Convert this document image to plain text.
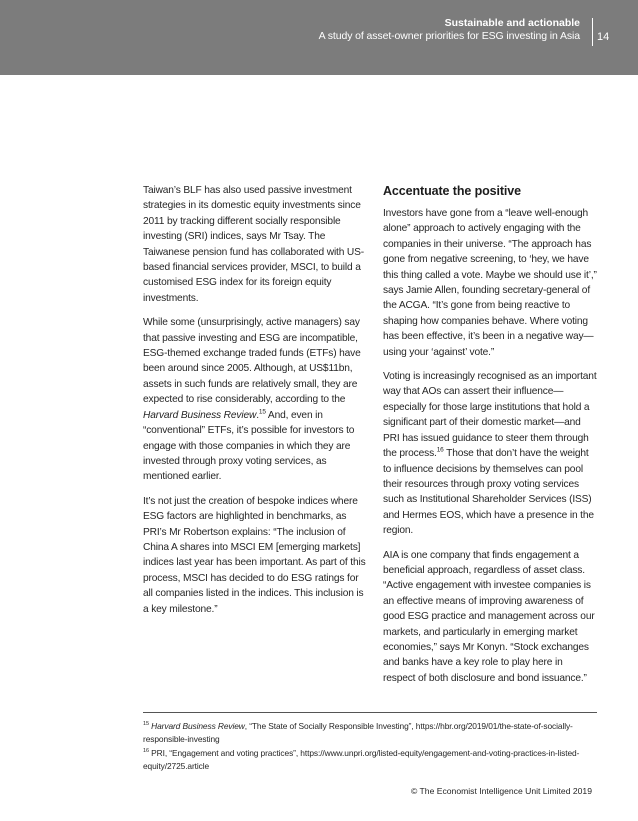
Sustainable and actionable
A study of asset-owner priorities for ESG investing in Asia 14

Taiwan’s BLF has also used passive investment strategies in its domestic equity investments since 2011 by tracking different socially responsible investing (SRI) indices, says Mr Tsay. The Taiwanese pension fund has collaborated with US-based financial services provider, MSCI, to build a customised ESG index for its foreign equity investments.

While some (unsurprisingly, active managers) say that passive investing and ESG are incompatible, ESG-themed exchange traded funds (ETFs) have been around since 2005. Although, at US$11bn, assets in such funds are relatively small, they are expected to rise considerably, according to the Harvard Business Review.$^{15}$ And, even in “conventional” ETFs, it’s possible for investors to engage with those companies in which they are invested through proxy voting services, as mentioned earlier.

It’s not just the creation of bespoke indices where ESG factors are highlighted in benchmarks, as PRI’s Mr Robertson explains: “The inclusion of China A shares into MSCI EM [emerging markets] indices last year has been important. As part of this process, MSCI has decided to do ESG ratings for all companies listed in the indices. This inclusion is a key milestone.”

Accentuate the positive

Investors have gone from a “leave well-enough alone” approach to actively engaging with the companies in their universe. “The approach has gone from negative screening, to ‘hey, we have this thing called a vote. Maybe we should use it’,” says Jamie Allen, founding secretary-general of the ACGA. “It’s gone from being reactive to shaping how companies behave. Where voting has been effective, it’s been in a negative way—using your ‘against’ vote.”

Voting is increasingly recognised as an important way that AOs can assert their influence—especially for those large institutions that hold a significant part of their domestic market—and PRI has issued guidance to steer them through the process.$^{16}$ Those that don’t have the weight to influence decisions by themselves can pool their resources through proxy voting services such as Institutional Shareholder Services (ISS) and Hermes EOS, which have a presence in the region.

AIA is one company that finds engagement a beneficial approach, regardless of asset class. “Active engagement with investee companies is an effective means of improving awareness of good ESG practice and management across our markets, and particularly in emerging market economies,” says Mr Konyn. “Stock exchanges and banks have a key role to play here in respect of both disclosure and bond issuance.”

$^{15}$ Harvard Business Review, “The State of Socially Responsible Investing”, https://hbr.org/2019/01/the-state-of-socially-responsible-investing
$^{16}$ PRI, “Engagement and voting practices”, https://www.unpri.org/listed-equity/engagement-and-voting-practices-in-listed-equity/2725.article
© The Economist Intelligence Unit Limited 2019
